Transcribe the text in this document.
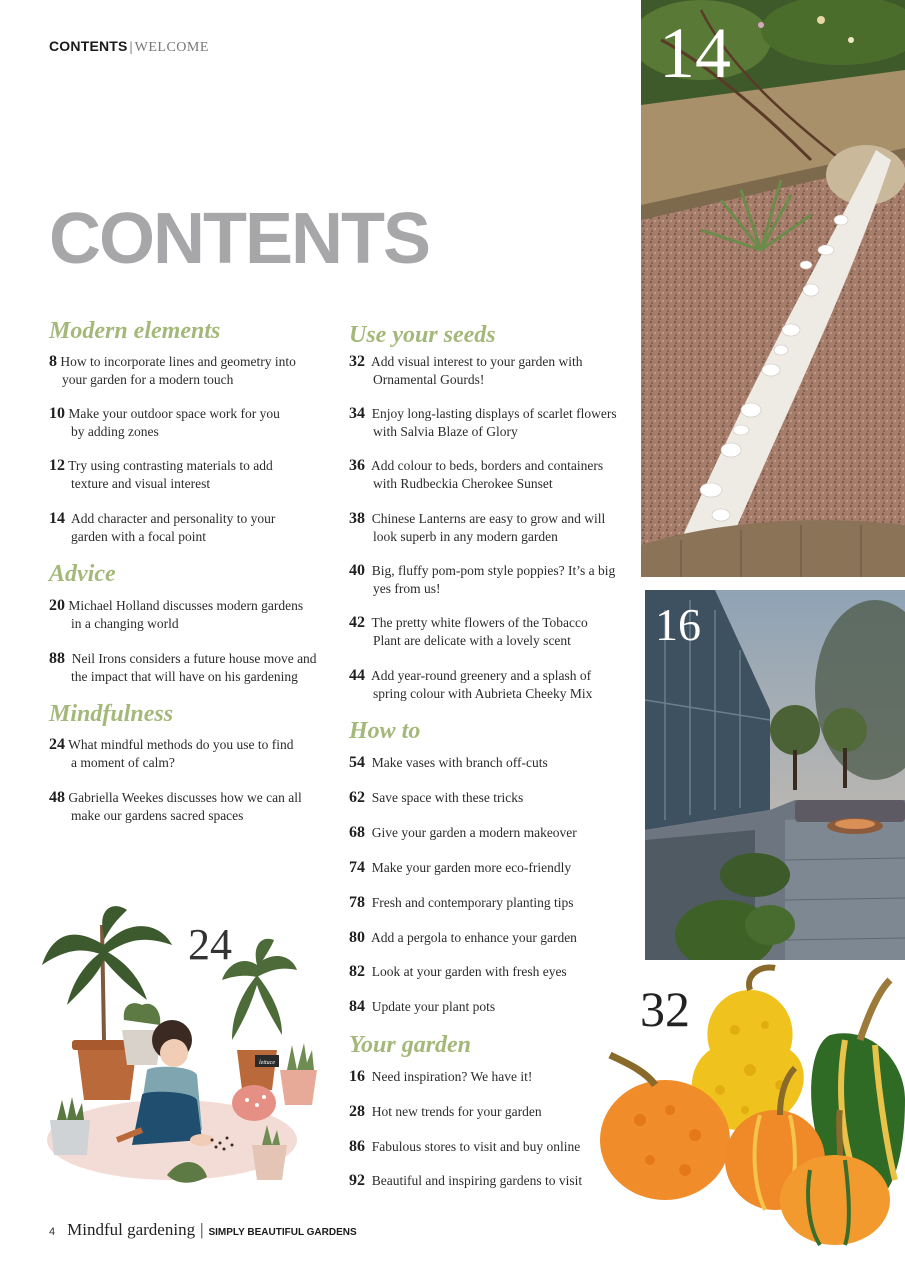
CONTENTS | WELCOME
CONTENTS
Modern elements
8 How to incorporate lines and geometry into
your garden for a modern touch
10 Make your outdoor space work for you
by adding zones
12 Try using contrasting materials to add
texture and visual interest
14 Add character and personality to your
garden with a focal point
Advice
20 Michael Holland discusses modern gardens
in a changing world
88 Neil Irons considers a future house move and
the impact that will have on his gardening
Mindfulness
24 What mindful methods do you use to find
a moment of calm?
48 Gabriella Weekes discusses how we can all
make our gardens sacred spaces
Use your seeds
32 Add visual interest to your garden with
Ornamental Gourds!
34 Enjoy long-lasting displays of scarlet flowers
with Salvia Blaze of Glory
36 Add colour to beds, borders and containers
with Rudbeckia Cherokee Sunset
38 Chinese Lanterns are easy to grow and will
look superb in any modern garden
40 Big, fluffy pom-pom style poppies? It’s a big
yes from us!
42 The pretty white flowers of the Tobacco
Plant are delicate with a lovely scent
44 Add year-round greenery and a splash of
spring colour with Aubrieta Cheeky Mix
How to
54 Make vases with branch off-cuts
62 Save space with these tricks
68 Give your garden a modern makeover
74 Make your garden more eco-friendly
78 Fresh and contemporary planting tips
80 Add a pergola to enhance your garden
82 Look at your garden with fresh eyes
84 Update your plant pots
Your garden
16 Need inspiration? We have it!
28 Hot new trends for your garden
86 Fabulous stores to visit and buy online
92 Beautiful and inspiring gardens to visit
14
16
32
lettuce
24
4 Mindful gardening | SIMPLY BEAUTIFUL GARDENS
